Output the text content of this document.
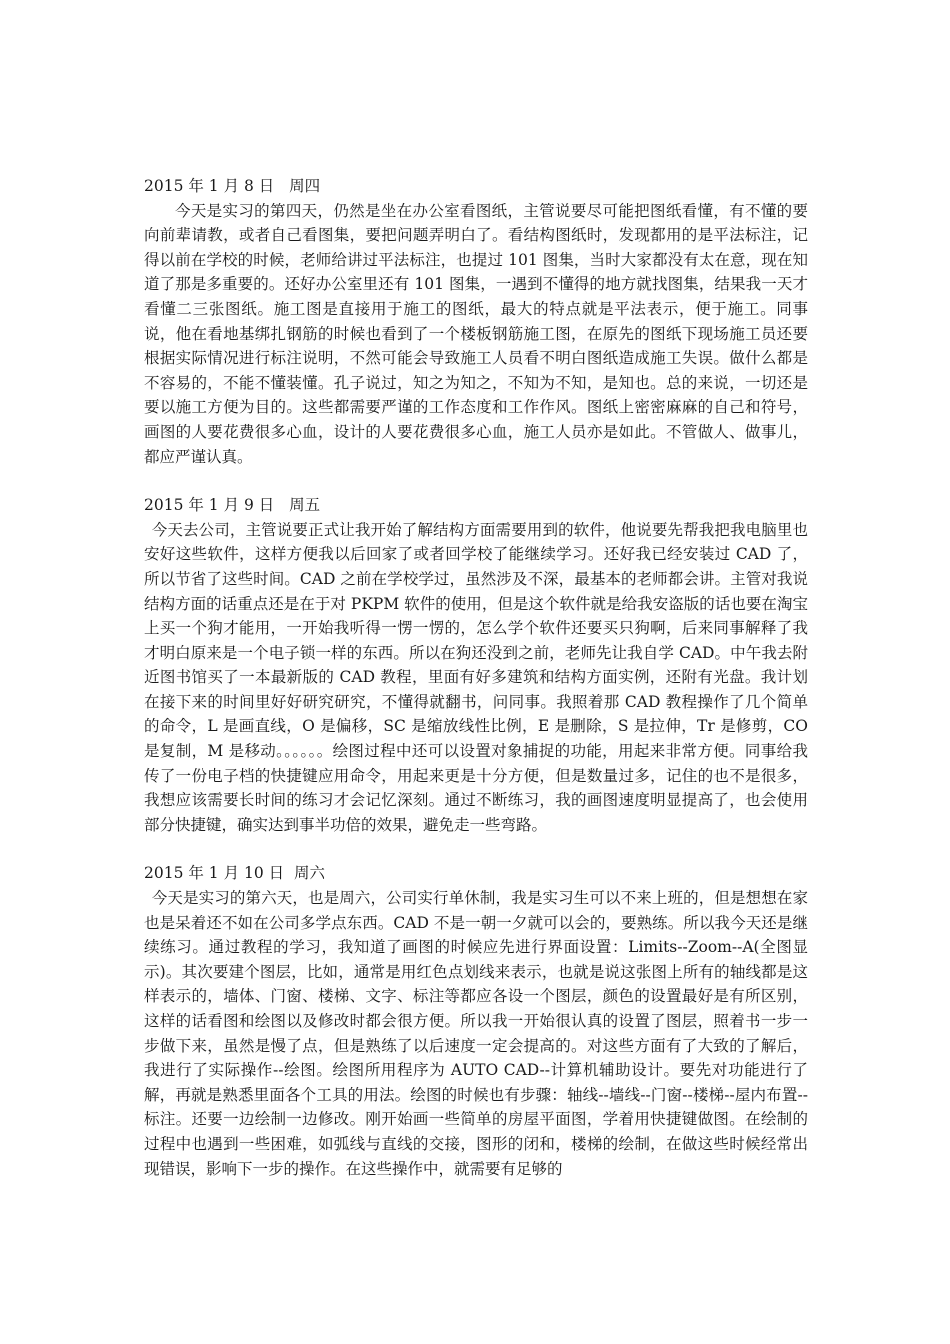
2015 年 1 月 8 日   周四

今天是实习的第四天，仍然是坐在办公室看图纸，主管说要尽可能把图纸看懂，有不懂的要向前辈请教，或者自己看图集，要把问题弄明白了。看结构图纸时，发现都用的是平法标注，记得以前在学校的时候，老师给讲过平法标注，也提过 101 图集，当时大家都没有太在意，现在知道了那是多重要的。还好办公室里还有 101 图集，一遇到不懂得的地方就找图集，结果我一天才看懂二三张图纸。施工图是直接用于施工的图纸，最大的特点就是平法表示，便于施工。同事说，他在看地基绑扎钢筋的时候也看到了一个楼板钢筋施工图，在原先的图纸下现场施工员还要根据实际情况进行标注说明，不然可能会导致施工人员看不明白图纸造成施工失误。做什么都是不容易的，不能不懂装懂。孔子说过，知之为知之，不知为不知，是知也。总的来说，一切还是要以施工方便为目的。这些都需要严谨的工作态度和工作作风。图纸上密密麻麻的自己和符号，画图的人要花费很多心血，设计的人要花费很多心血，施工人员亦是如此。不管做人、做事儿，都应严谨认真。

2015 年 1 月 9 日   周五

今天去公司，主管说要正式让我开始了解结构方面需要用到的软件，他说要先帮我把我电脑里也安好这些软件，这样方便我以后回家了或者回学校了能继续学习。还好我已经安装过 CAD 了，所以节省了这些时间。CAD 之前在学校学过，虽然涉及不深，最基本的老师都会讲。主管对我说结构方面的话重点还是在于对 PKPM 软件的使用，但是这个软件就是给我安盗版的话也要在淘宝上买一个狗才能用，一开始我听得一愣一愣的，怎么学个软件还要买只狗啊，后来同事解释了我才明白原来是一个电子锁一样的东西。所以在狗还没到之前，老师先让我自学 CAD。中午我去附近图书馆买了一本最新版的 CAD 教程，里面有好多建筑和结构方面实例，还附有光盘。我计划在接下来的时间里好好研究研究，不懂得就翻书，问同事。我照着那 CAD 教程操作了几个简单的命令，L 是画直线，O 是偏移，SC 是缩放线性比例，E 是删除，S 是拉伸，Tr 是修剪，CO 是复制，M 是移动。。。。。。绘图过程中还可以设置对象捕捉的功能，用起来非常方便。同事给我传了一份电子档的快捷键应用命令，用起来更是十分方便，但是数量过多，记住的也不是很多，我想应该需要长时间的练习才会记忆深刻。通过不断练习，我的画图速度明显提高了，也会使用部分快捷键，确实达到事半功倍的效果，避免走一些弯路。

2015 年 1 月 10 日  周六

今天是实习的第六天，也是周六，公司实行单休制，我是实习生可以不来上班的，但是想想在家也是呆着还不如在公司多学点东西。CAD 不是一朝一夕就可以会的，要熟练。所以我今天还是继续练习。通过教程的学习，我知道了画图的时候应先进行界面设置：Limits--Zoom--A(全图显示)。其次要建个图层，比如，通常是用红色点划线来表示，也就是说这张图上所有的轴线都是这样表示的，墙体、门窗、楼梯、文字、标注等都应各设一个图层，颜色的设置最好是有所区别，这样的话看图和绘图以及修改时都会很方便。所以我一开始很认真的设置了图层，照着书一步一步做下来，虽然是慢了点，但是熟练了以后速度一定会提高的。对这些方面有了大致的了解后，我进行了实际操作--绘图。绘图所用程序为 AUTO CAD--计算机辅助设计。要先对功能进行了解，再就是熟悉里面各个工具的用法。绘图的时候也有步骤：轴线--墙线--门窗--楼梯--屋内布置--标注。还要一边绘制一边修改。刚开始画一些简单的房屋平面图，学着用快捷键做图。在绘制的过程中也遇到一些困难，如弧线与直线的交接，图形的闭和，楼梯的绘制，在做这些时候经常出现错误，影响下一步的操作。在这些操作中，就需要有足够的
